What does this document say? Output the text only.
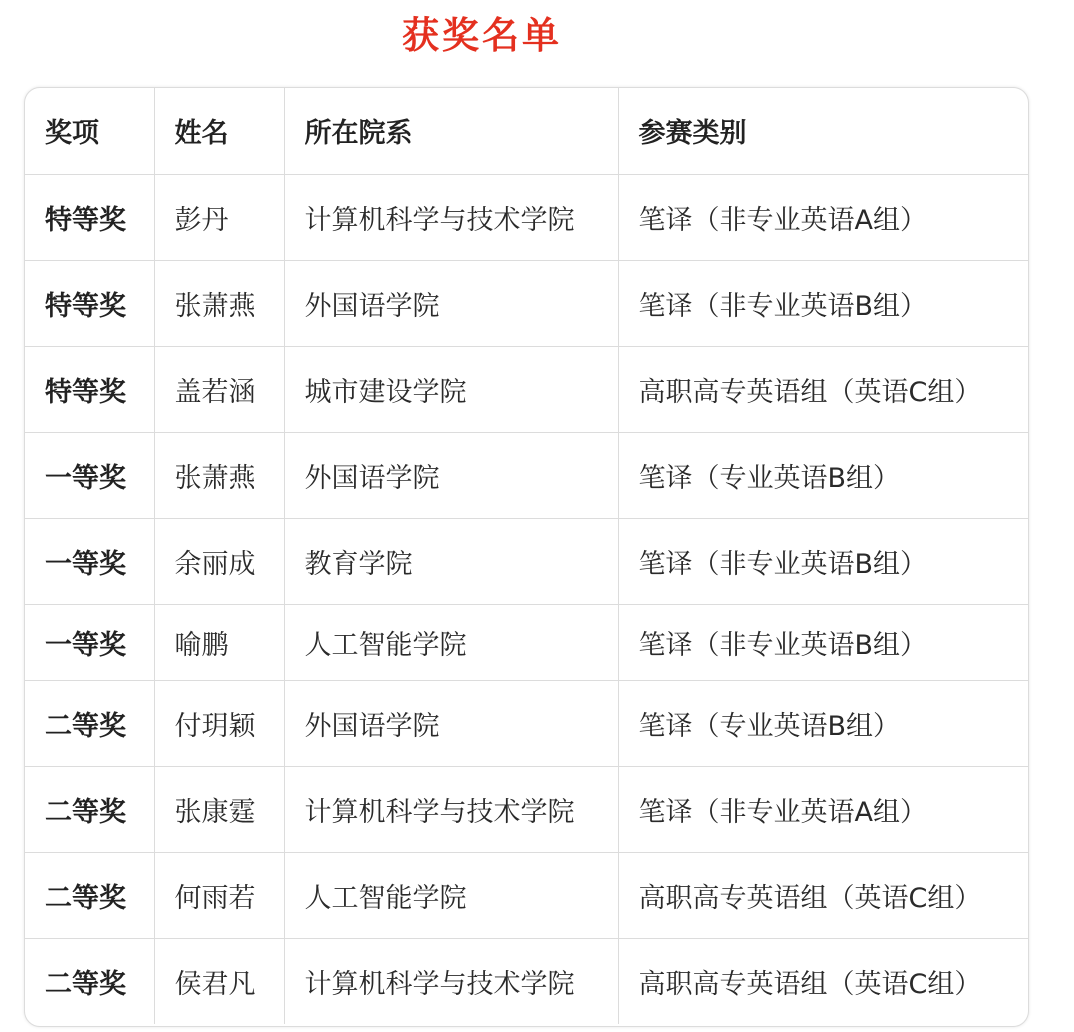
获奖名单
奖项	姓名	所在院系	参赛类别
特等奖	彭丹	计算机科学与技术学院	笔译（非专业英语A组）
特等奖	张萧燕	外国语学院	笔译（非专业英语B组）
特等奖	盖若涵	城市建设学院	高职高专英语组（英语C组）
一等奖	张萧燕	外国语学院	笔译（专业英语B组）
一等奖	余丽成	教育学院	笔译（非专业英语B组）
一等奖	喻鹏	人工智能学院	笔译（非专业英语B组）
二等奖	付玥颖	外国语学院	笔译（专业英语B组）
二等奖	张康霆	计算机科学与技术学院	笔译（非专业英语A组）
二等奖	何雨若	人工智能学院	高职高专英语组（英语C组）
二等奖	侯君凡	计算机科学与技术学院	高职高专英语组（英语C组）
